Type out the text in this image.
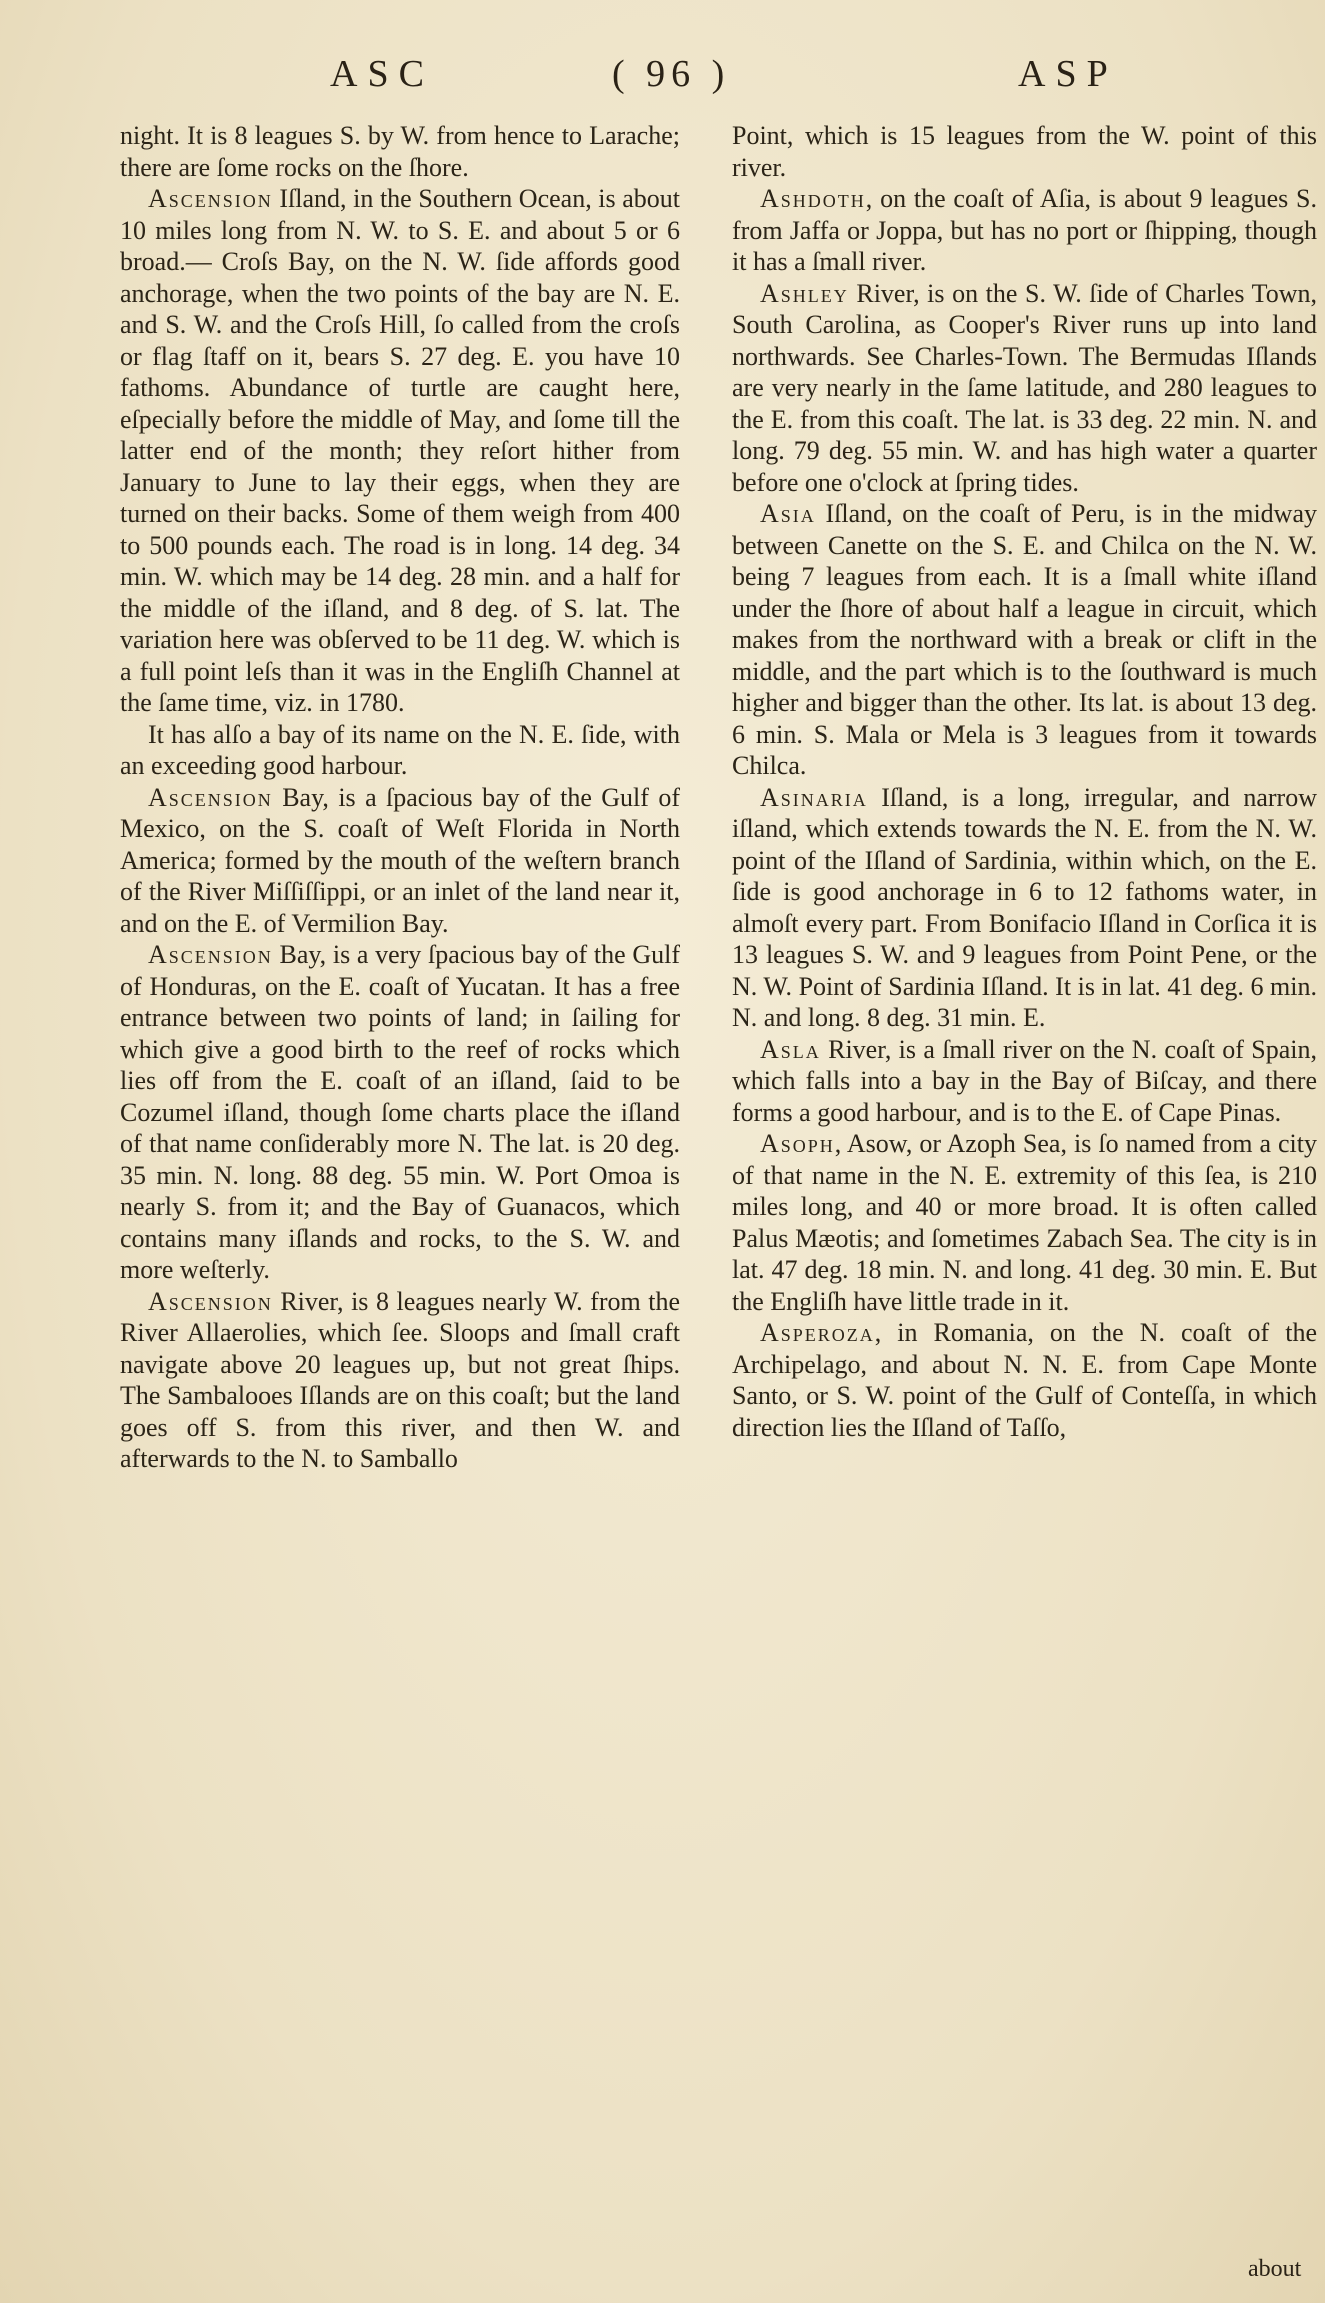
ASC	( 96 )	ASP

night. It is 8 leagues S. by W. from hence to Larache; there are ſome rocks on the ſhore.

Ascension Iſland, in the Southern Ocean, is about 10 miles long from N. W. to S. E. and about 5 or 6 broad.— Croſs Bay, on the N. W. ſide affords good anchorage, when the two points of the bay are N. E. and S. W. and the Croſs Hill, ſo called from the croſs or flag ſtaff on it, bears S. 27 deg. E. you have 10 fathoms. Abundance of turtle are caught here, eſpecially before the middle of May, and ſome till the latter end of the month; they reſort hither from January to June to lay their eggs, when they are turned on their backs. Some of them weigh from 400 to 500 pounds each. The road is in long. 14 deg. 34 min. W. which may be 14 deg. 28 min. and a half for the middle of the iſland, and 8 deg. of S. lat. The variation here was obſerved to be 11 deg. W. which is a full point leſs than it was in the Engliſh Channel at the ſame time, viz. in 1780.

It has alſo a bay of its name on the N. E. ſide, with an exceeding good harbour.

Ascension Bay, is a ſpacious bay of the Gulf of Mexico, on the S. coaſt of Weſt Florida in North America; formed by the mouth of the weſtern branch of the River Miſſiſſippi, or an inlet of the land near it, and on the E. of Vermilion Bay.

Ascension Bay, is a very ſpacious bay of the Gulf of Honduras, on the E. coaſt of Yucatan. It has a free entrance between two points of land; in ſailing for which give a good birth to the reef of rocks which lies off from the E. coaſt of an iſland, ſaid to be Cozumel iſland, though ſome charts place the iſland of that name conſiderably more N. The lat. is 20 deg. 35 min. N. long. 88 deg. 55 min. W. Port Omoa is nearly S. from it; and the Bay of Guanacos, which contains many iſlands and rocks, to the S. W. and more weſterly.

Ascension River, is 8 leagues nearly W. from the River Allaerolies, which ſee. Sloops and ſmall craft navigate above 20 leagues up, but not great ſhips. The Sambalooes Iſlands are on this coaſt; but the land goes off S. from this river, and then W. and afterwards to the N. to Samballo

Point, which is 15 leagues from the W. point of this river.

Ashdoth, on the coaſt of Aſia, is about 9 leagues S. from Jaffa or Joppa, but has no port or ſhipping, though it has a ſmall river.

Ashley River, is on the S. W. ſide of Charles Town, South Carolina, as Cooper's River runs up into land northwards. See Charles-Town. The Bermudas Iſlands are very nearly in the ſame latitude, and 280 leagues to the E. from this coaſt. The lat. is 33 deg. 22 min. N. and long. 79 deg. 55 min. W. and has high water a quarter before one o'clock at ſpring tides.

Asia Iſland, on the coaſt of Peru, is in the midway between Canette on the S. E. and Chilca on the N. W. being 7 leagues from each. It is a ſmall white iſland under the ſhore of about half a league in circuit, which makes from the northward with a break or clift in the middle, and the part which is to the ſouthward is much higher and bigger than the other. Its lat. is about 13 deg. 6 min. S. Mala or Mela is 3 leagues from it towards Chilca.

Asinaria Iſland, is a long, irregular, and narrow iſland, which extends towards the N. E. from the N. W. point of the Iſland of Sardinia, within which, on the E. ſide is good anchorage in 6 to 12 fathoms water, in almoſt every part. From Bonifacio Iſland in Corſica it is 13 leagues S. W. and 9 leagues from Point Pene, or the N. W. Point of Sardinia Iſland. It is in lat. 41 deg. 6 min. N. and long. 8 deg. 31 min. E.

Asla River, is a ſmall river on the N. coaſt of Spain, which falls into a bay in the Bay of Biſcay, and there forms a good harbour, and is to the E. of Cape Pinas.

Asoph, Asow, or Azoph Sea, is ſo named from a city of that name in the N. E. extremity of this ſea, is 210 miles long, and 40 or more broad. It is often called Palus Mæotis; and ſometimes Zabach Sea. The city is in lat. 47 deg. 18 min. N. and long. 41 deg. 30 min. E. But the Engliſh have little trade in it.

Asperoza, in Romania, on the N. coaſt of the Archipelago, and about N. N. E. from Cape Monte Santo, or S. W. point of the Gulf of Conteſſa, in which direction lies the Iſland of Taſſo,

about
